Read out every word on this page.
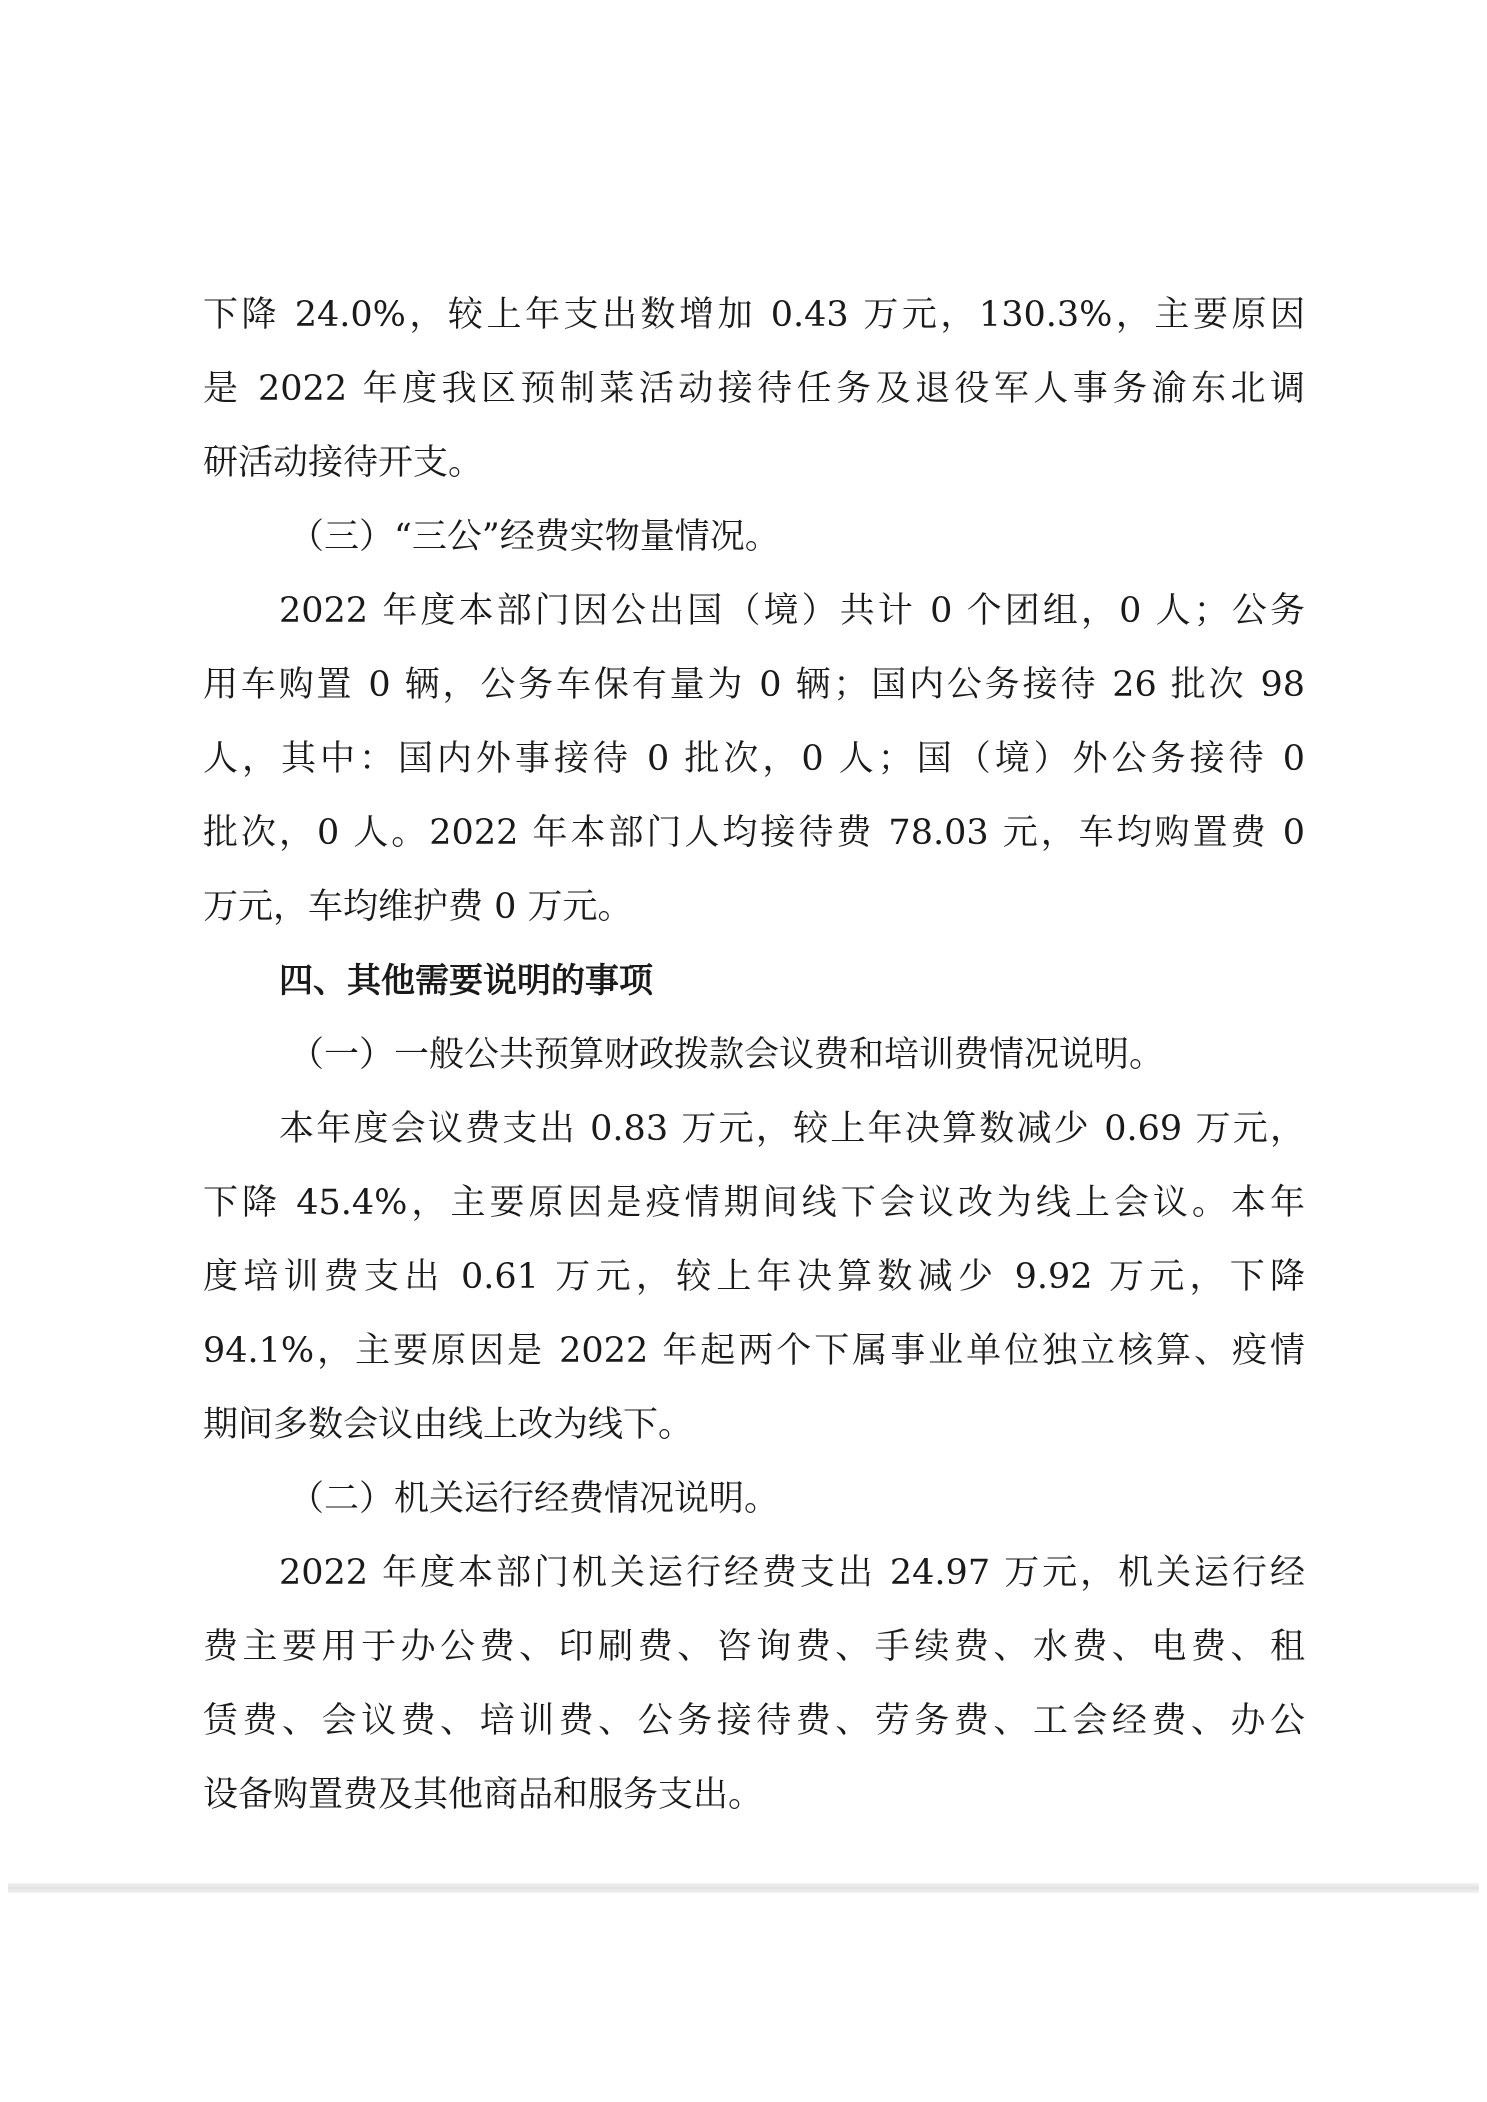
下降 24.0%，较上年支出数增加 0.43 万元，130.3%，主要原因
是 2022 年度我区预制菜活动接待任务及退役军人事务渝东北调
研活动接待开支。
（三）“三公”经费实物量情况。
2022 年度本部门因公出国（境）共计 0 个团组，0 人；公务
用车购置 0 辆，公务车保有量为 0 辆；国内公务接待 26 批次 98
人，其中：国内外事接待 0 批次，0 人；国（境）外公务接待 0
批次，0 人。2022 年本部门人均接待费 78.03 元，车均购置费 0
万元，车均维护费 0 万元。
四、其他需要说明的事项
（一）一般公共预算财政拨款会议费和培训费情况说明。
本年度会议费支出 0.83 万元，较上年决算数减少 0.69 万元，
下降 45.4%，主要原因是疫情期间线下会议改为线上会议。本年
度培训费支出 0.61 万元，较上年决算数减少 9.92 万元，下降
94.1%，主要原因是 2022 年起两个下属事业单位独立核算、疫情
期间多数会议由线上改为线下。
（二）机关运行经费情况说明。
2022 年度本部门机关运行经费支出 24.97 万元，机关运行经
费主要用于办公费、印刷费、咨询费、手续费、水费、电费、租
赁费、会议费、培训费、公务接待费、劳务费、工会经费、办公
设备购置费及其他商品和服务支出。
